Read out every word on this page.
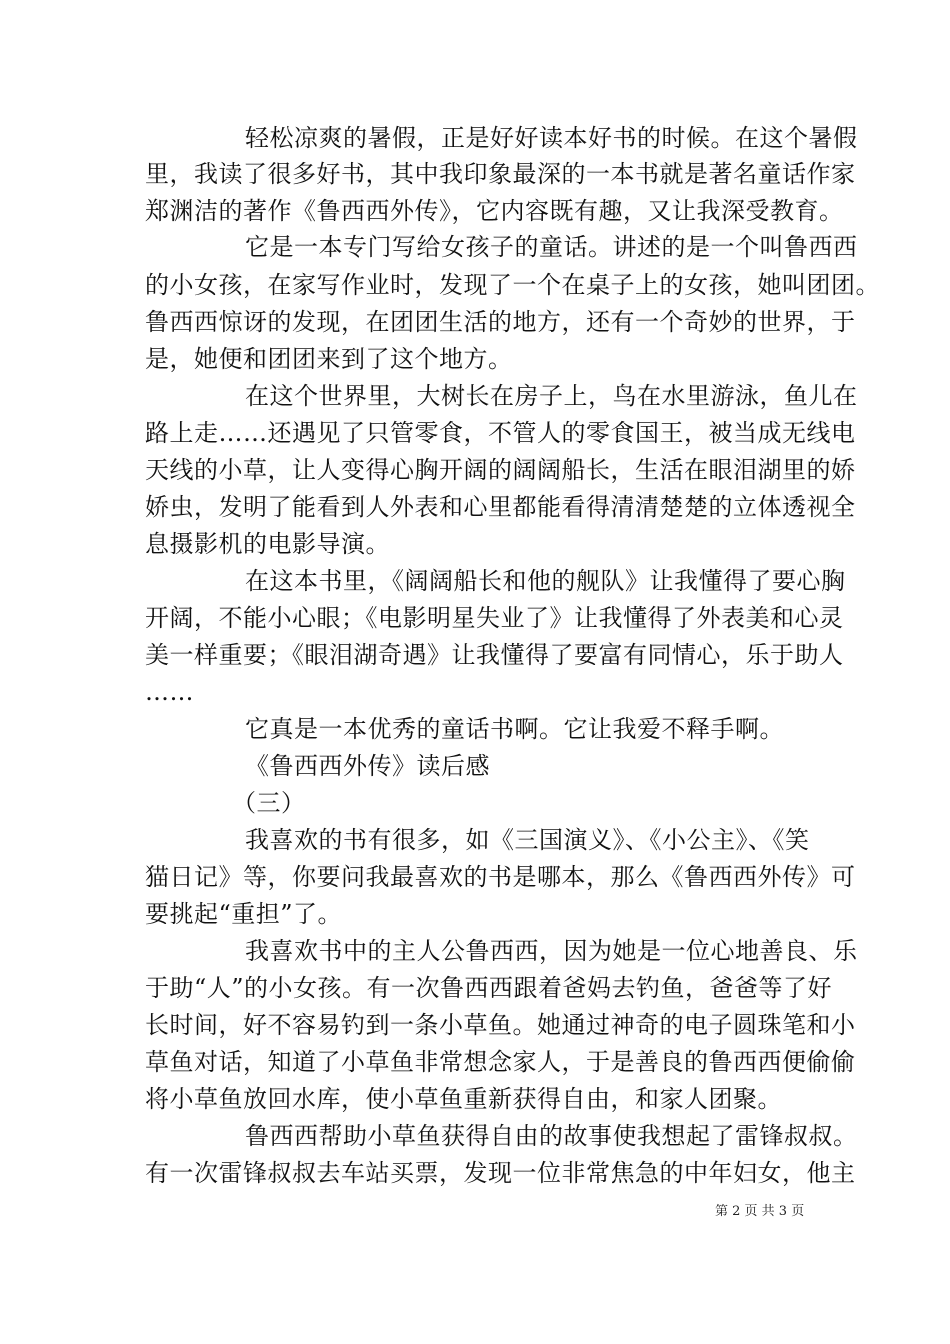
轻松凉爽的暑假，正是好好读本好书的时候。在这个暑假
里，我读了很多好书，其中我印象最深的一本书就是著名童话作家
郑渊洁的著作《鲁西西外传》，它内容既有趣，又让我深受教育。
它是一本专门写给女孩子的童话。讲述的是一个叫鲁西西
的小女孩，在家写作业时，发现了一个在桌子上的女孩，她叫团团。
鲁西西惊讶的发现，在团团生活的地方，还有一个奇妙的世界，于
是，她便和团团来到了这个地方。
在这个世界里，大树长在房子上，鸟在水里游泳，鱼儿在
路上走……还遇见了只管零食，不管人的零食国王，被当成无线电
天线的小草，让人变得心胸开阔的阔阔船长，生活在眼泪湖里的娇
娇虫，发明了能看到人外表和心里都能看得清清楚楚的立体透视全
息摄影机的电影导演。
在这本书里，《阔阔船长和他的舰队》让我懂得了要心胸
开阔，不能小心眼；《电影明星失业了》让我懂得了外表美和心灵
美一样重要；《眼泪湖奇遇》让我懂得了要富有同情心，乐于助人
……
它真是一本优秀的童话书啊。它让我爱不释手啊。
《鲁西西外传》读后感
（三）
我喜欢的书有很多，如《三国演义》、《小公主》、《笑
猫日记》等，你要问我最喜欢的书是哪本，那么《鲁西西外传》可
要挑起“重担”了。
我喜欢书中的主人公鲁西西，因为她是一位心地善良、乐
于助“人”的小女孩。有一次鲁西西跟着爸妈去钓鱼，爸爸等了好
长时间，好不容易钓到一条小草鱼。她通过神奇的电子圆珠笔和小
草鱼对话，知道了小草鱼非常想念家人，于是善良的鲁西西便偷偷
将小草鱼放回水库，使小草鱼重新获得自由，和家人团聚。
鲁西西帮助小草鱼获得自由的故事使我想起了雷锋叔叔。
有一次雷锋叔叔去车站买票，发现一位非常焦急的中年妇女，他主
第 2 页 共 3 页
